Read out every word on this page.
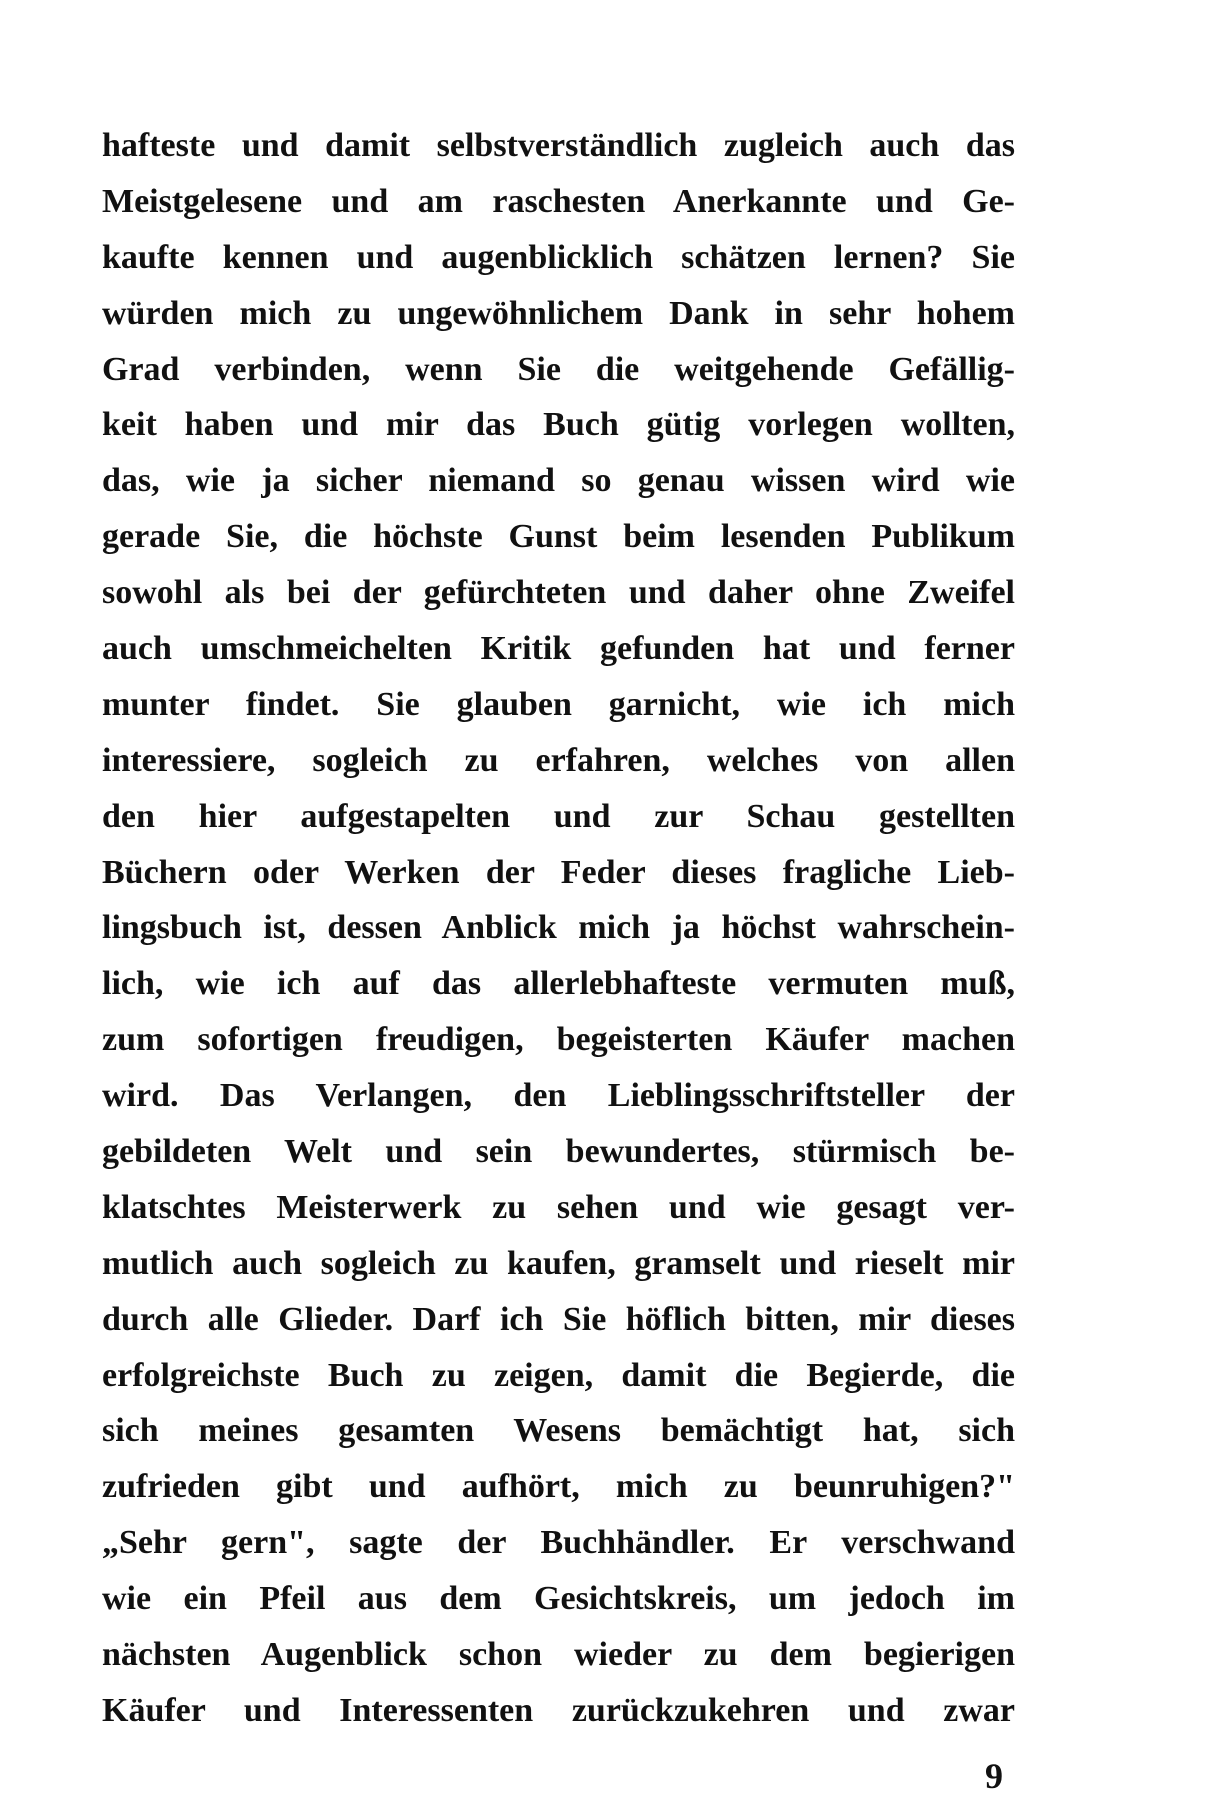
hafteste und damit selbstverständlich zugleich auch das
Meistgelesene und am raschesten Anerkannte und Ge-
kaufte kennen und augenblicklich schätzen lernen? Sie
würden mich zu ungewöhnlichem Dank in sehr hohem
Grad verbinden, wenn Sie die weitgehende Gefällig-
keit haben und mir das Buch gütig vorlegen wollten,
das, wie ja sicher niemand so genau wissen wird wie
gerade Sie, die höchste Gunst beim lesenden Publikum
sowohl als bei der gefürchteten und daher ohne Zweifel
auch umschmeichelten Kritik gefunden hat und ferner
munter findet. Sie glauben garnicht, wie ich mich
interessiere, sogleich zu erfahren, welches von allen
den hier aufgestapelten und zur Schau gestellten
Büchern oder Werken der Feder dieses fragliche Lieb-
lingsbuch ist, dessen Anblick mich ja höchst wahrschein-
lich, wie ich auf das allerlebhafteste vermuten muß,
zum sofortigen freudigen, begeisterten Käufer machen
wird. Das Verlangen, den Lieblingsschriftsteller der
gebildeten Welt und sein bewundertes, stürmisch be-
klatschtes Meisterwerk zu sehen und wie gesagt ver-
mutlich auch sogleich zu kaufen, gramselt und rieselt mir
durch alle Glieder. Darf ich Sie höflich bitten, mir dieses
erfolgreichste Buch zu zeigen, damit die Begierde, die
sich meines gesamten Wesens bemächtigt hat, sich
zufrieden gibt und aufhört, mich zu beunruhigen?"
„Sehr gern", sagte der Buchhändler. Er verschwand
wie ein Pfeil aus dem Gesichtskreis, um jedoch im
nächsten Augenblick schon wieder zu dem begierigen
Käufer und Interessenten zurückzukehren und zwar
9
